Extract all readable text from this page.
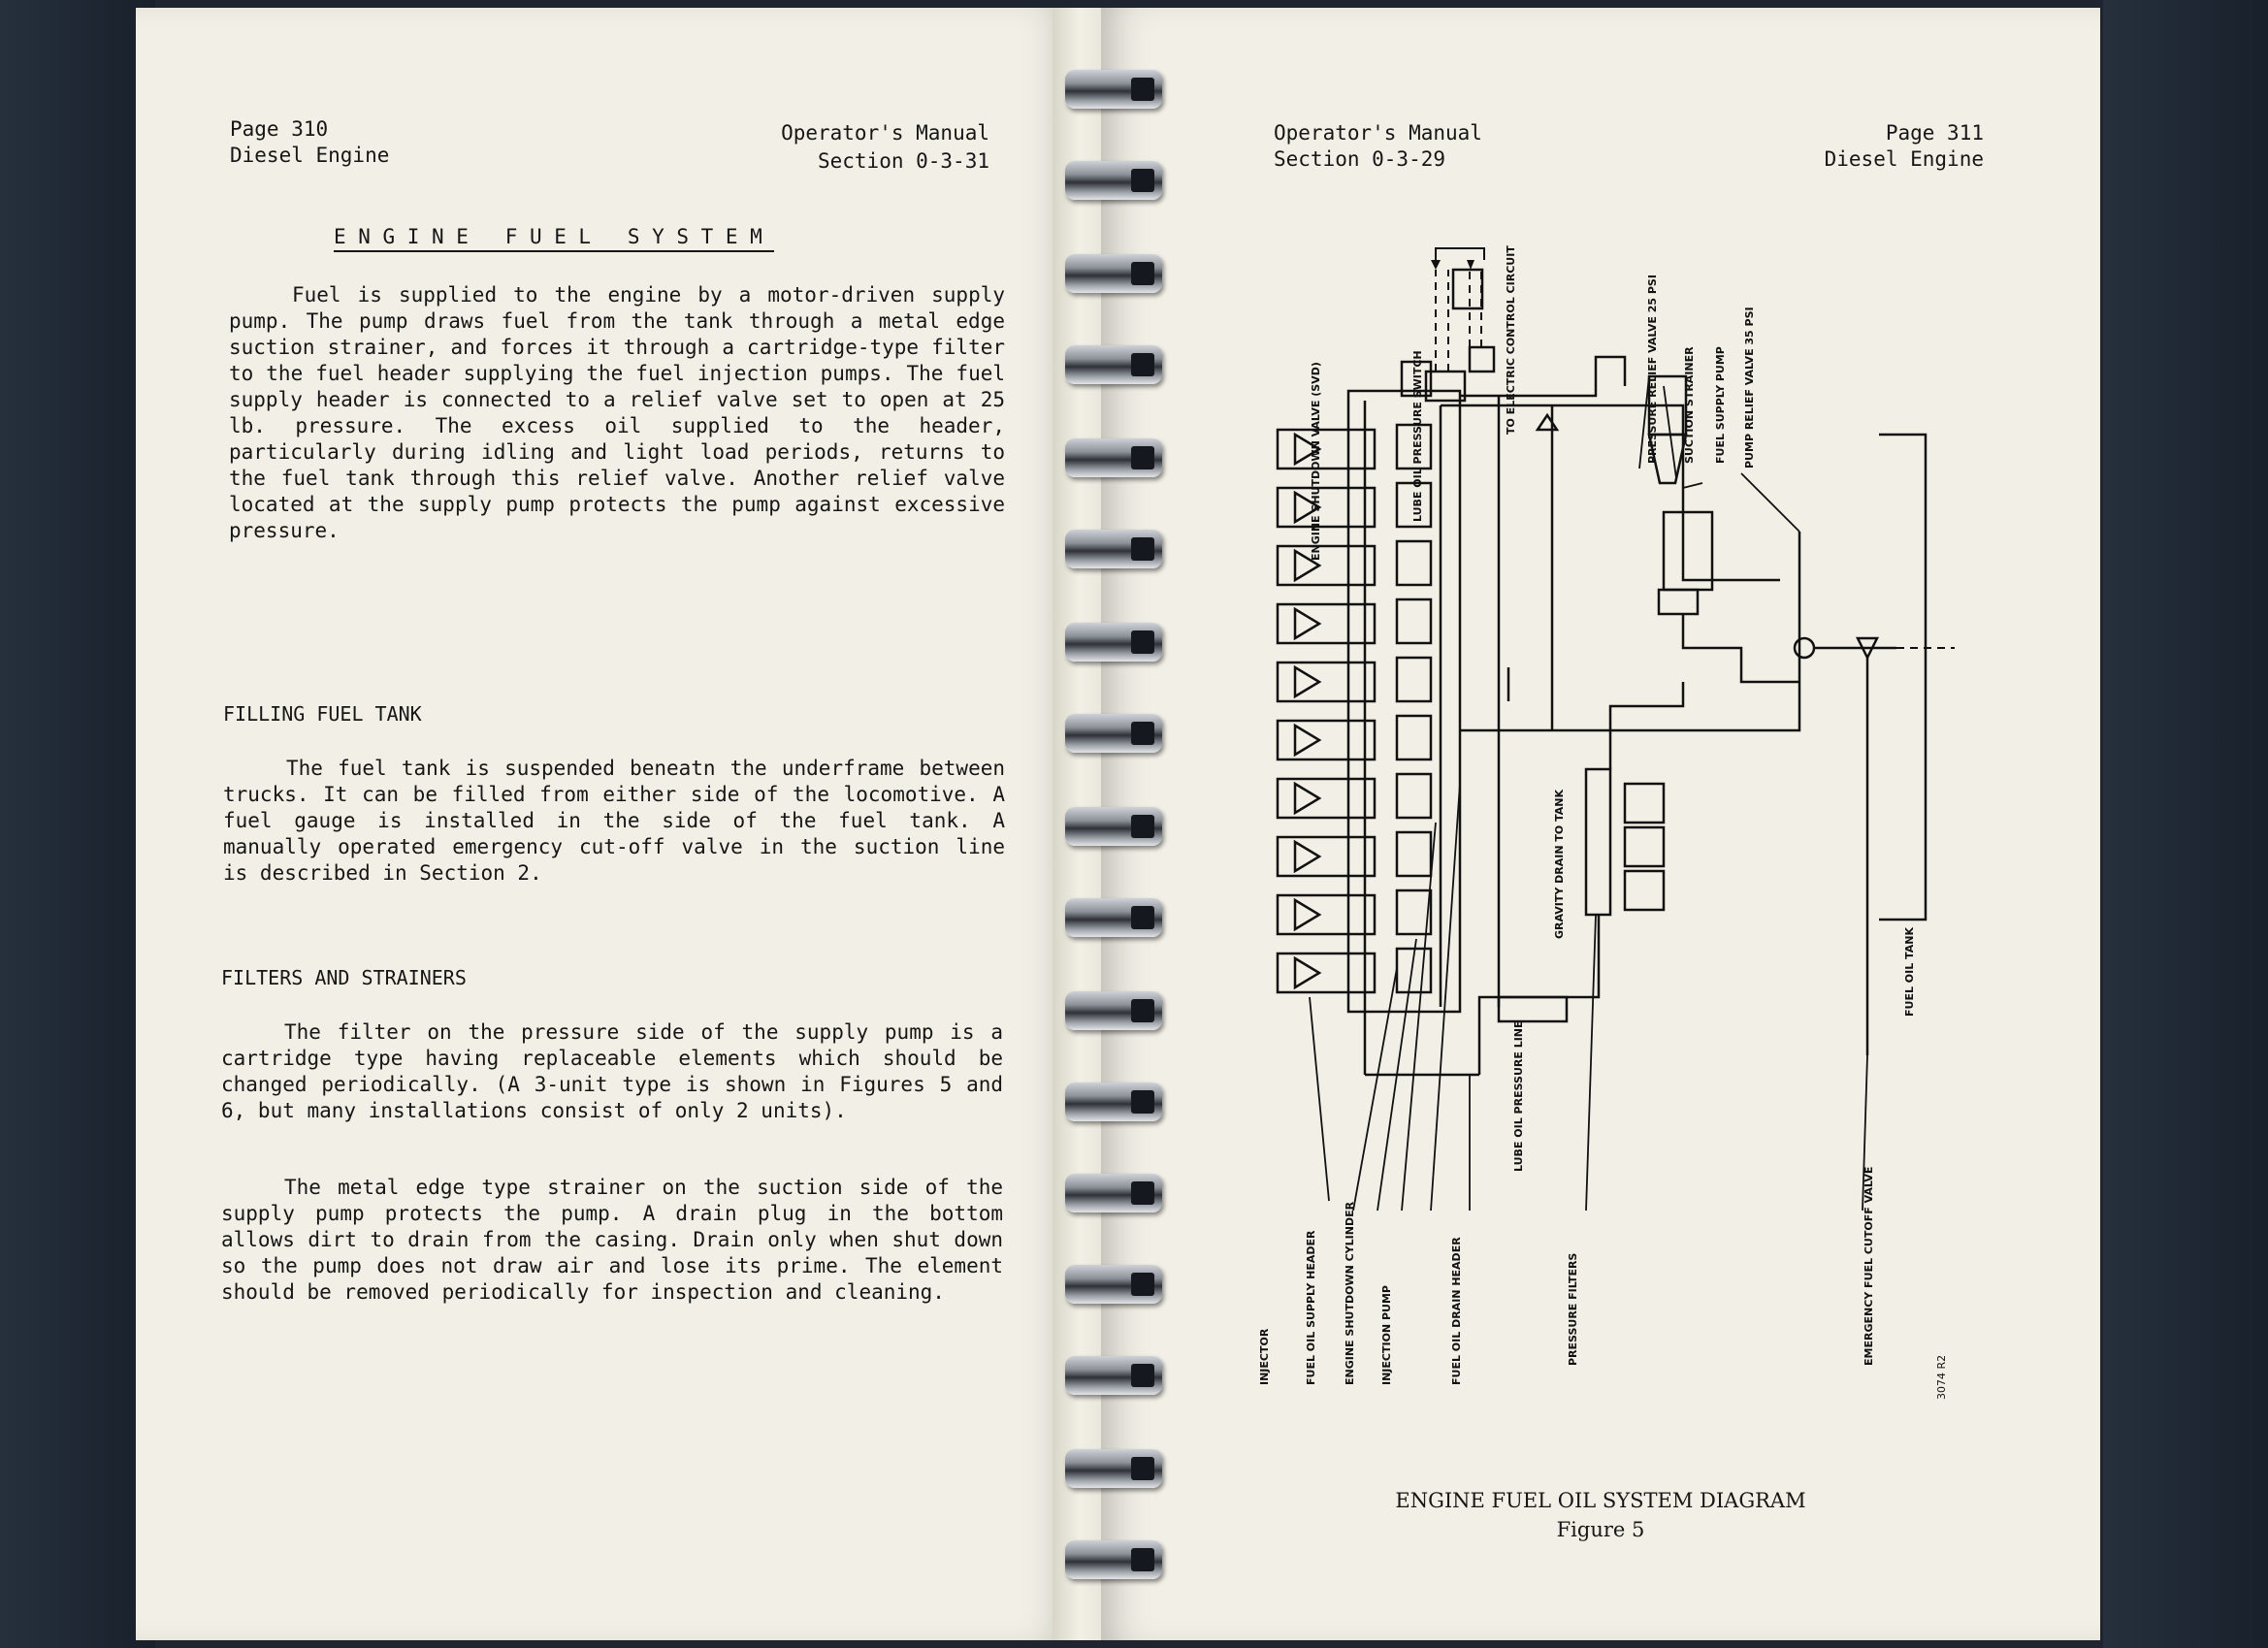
Page 310
Diesel Engine
Operator's Manual
Section 0-3-31
ENGINE FUEL SYSTEM
Fuel is supplied to the engine by a motor-driven supply pump. The pump draws fuel from the tank through a metal edge suction strainer, and forces it through a cartridge-type filter to the fuel header supplying the fuel injection pumps. The fuel supply header is connected to a relief valve set to open at 25 lb. pressure. The excess oil supplied to the header, particularly during idling and light load periods, returns to the fuel tank through this relief valve. Another relief valve located at the supply pump protects the pump against excessive pressure.
FILLING FUEL TANK
The fuel tank is suspended beneatn the underframe between trucks. It can be filled from either side of the locomotive. A fuel gauge is installed in the side of the fuel tank. A manually operated emergency cut-off valve in the suction line is described in Section 2.
FILTERS AND STRAINERS
The filter on the pressure side of the supply pump is a cartridge type having replaceable elements which should be changed periodically. (A 3-unit type is shown in Figures 5 and 6, but many installations consist of only 2 units).
The metal edge type strainer on the suction side of the supply pump protects the pump. A drain plug in the bottom allows dirt to drain from the casing. Drain only when shut down so the pump does not draw air and lose its prime. The element should be removed periodically for inspection and cleaning.
Operator's Manual
Section 0-3-29
Page 311
Diesel Engine
TO ELECTRIC CONTROL CIRCUIT
ENGINE SHUTDOWN VALVE (SVD)	LUBE OIL PRESSURE SWITCH	PRESSURE RELIEF VALVE 25 PSI SUCTION STRAINER FUEL SUPPLY PUMP PUMP RELIEF VALVE 35 PSI
LUBE OIL PRESSURE LINE
GRAVITY DRAIN TO TANK
FUEL OIL TANK
INJECTOR	FUEL OIL SUPPLY HEADER ENGINE SHUTDOWN CYLINDER INJECTION PUMP	FUEL OIL DRAIN HEADER	PRESSURE FILTERS	EMERGENCY FUEL CUTOFF VALVE
3074 R2
ENGINE FUEL OIL SYSTEM DIAGRAM
Figure 5
